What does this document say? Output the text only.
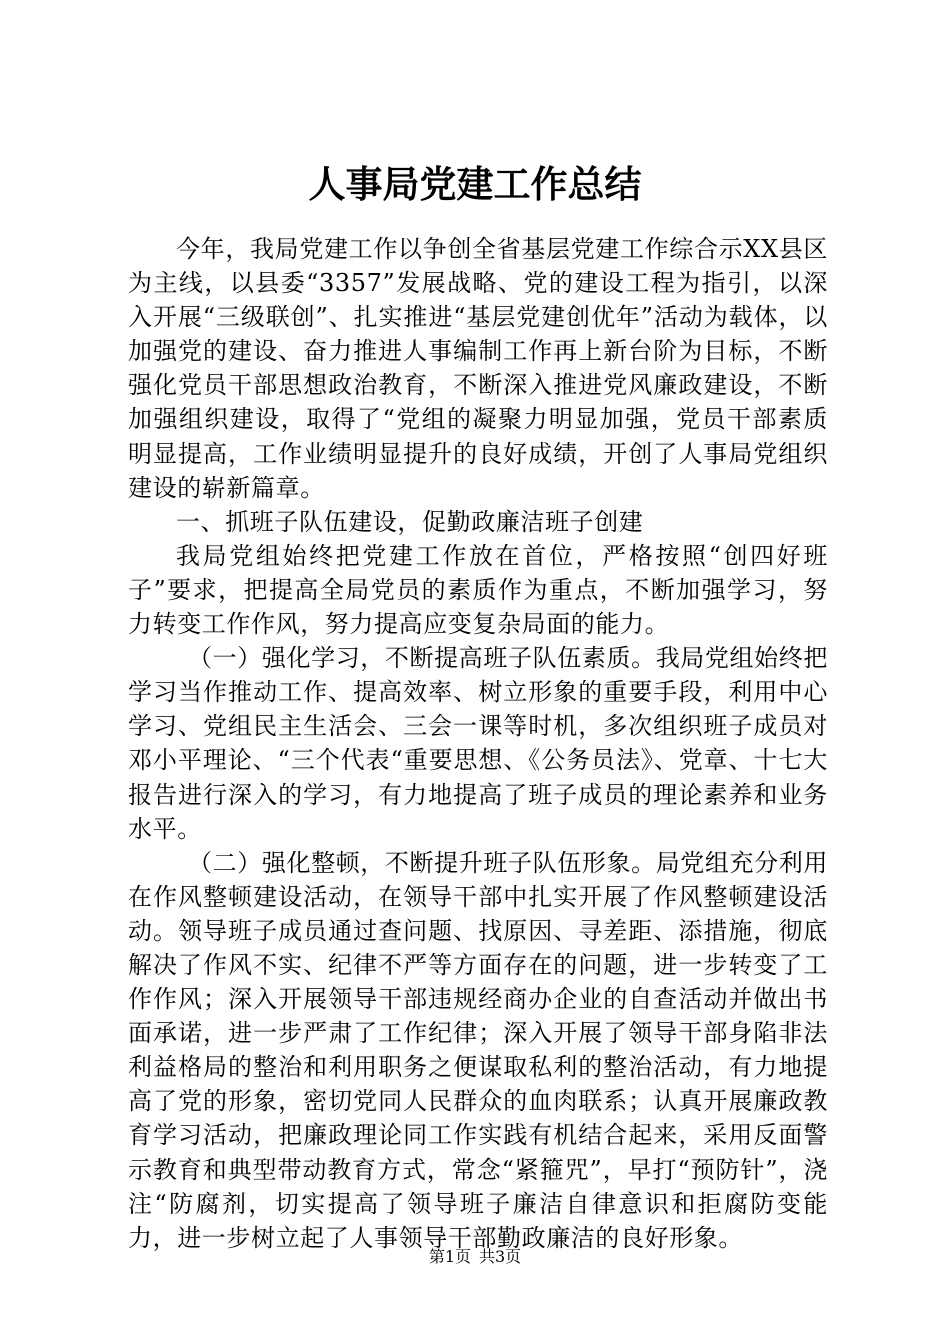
人事局党建工作总结

今年，我局党建工作以争创全省基层党建工作综合示XX县区为主线，以县委“3357”发展战略、党的建设工程为指引，以深入开展“三级联创”、扎实推进“基层党建创优年”活动为载体，以加强党的建设、奋力推进人事编制工作再上新台阶为目标，不断强化党员干部思想政治教育，不断深入推进党风廉政建设，不断加强组织建设，取得了“党组的凝聚力明显加强，党员干部素质明显提高，工作业绩明显提升的良好成绩，开创了人事局党组织建设的崭新篇章。

一、抓班子队伍建设，促勤政廉洁班子创建

我局党组始终把党建工作放在首位，严格按照“创四好班子”要求，把提高全局党员的素质作为重点，不断加强学习，努力转变工作作风，努力提高应变复杂局面的能力。

（一）强化学习，不断提高班子队伍素质。我局党组始终把学习当作推动工作、提高效率、树立形象的重要手段，利用中心学习、党组民主生活会、三会一课等时机，多次组织班子成员对邓小平理论、“三个代表“重要思想、《公务员法》、党章、十七大报告进行深入的学习，有力地提高了班子成员的理论素养和业务水平。

（二）强化整顿，不断提升班子队伍形象。局党组充分利用在作风整顿建设活动，在领导干部中扎实开展了作风整顿建设活动。领导班子成员通过查问题、找原因、寻差距、添措施，彻底解决了作风不实、纪律不严等方面存在的问题，进一步转变了工作作风；深入开展领导干部违规经商办企业的自查活动并做出书面承诺，进一步严肃了工作纪律；深入开展了领导干部身陷非法利益格局的整治和利用职务之便谋取私利的整治活动，有力地提高了党的形象，密切党同人民群众的血肉联系；认真开展廉政教育学习活动，把廉政理论同工作实践有机结合起来，采用反面警示教育和典型带动教育方式，常念“紧箍咒”，早打“预防针”，浇注“防腐剂，切实提高了领导班子廉洁自律意识和拒腐防变能力，进一步树立起了人事领导干部勤政廉洁的良好形象。

第1页 共3页
